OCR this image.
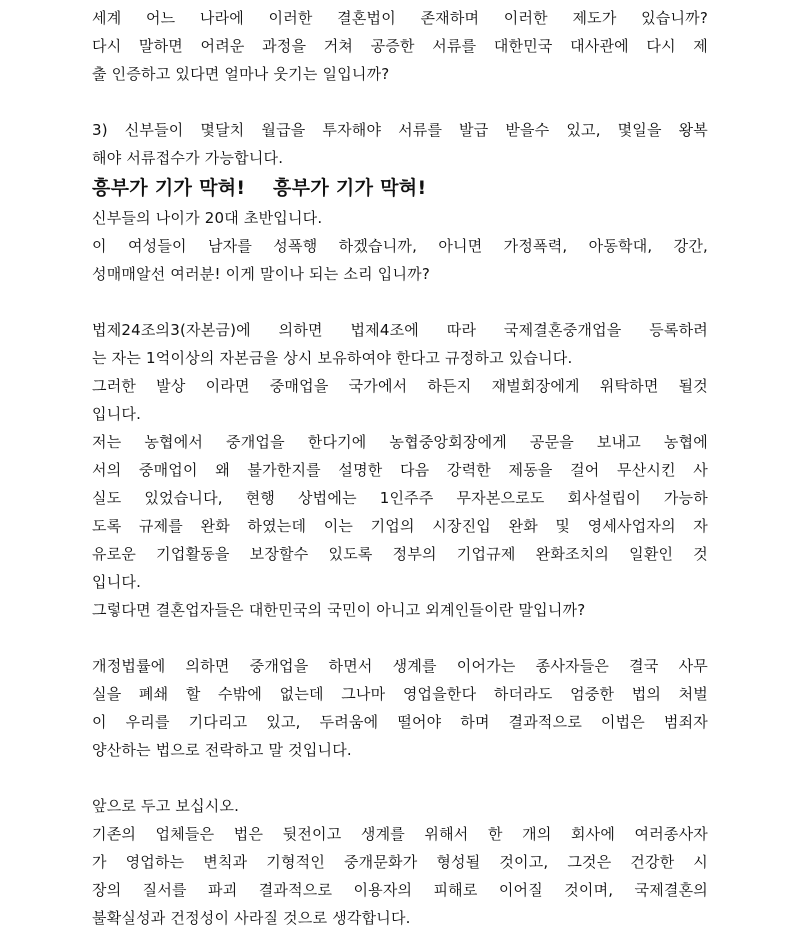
세계 어느 나라에 이러한 결혼법이 존재하며 이러한 제도가 있습니까?
다시 말하면 어려운 과정을 거쳐 공증한 서류를 대한민국 대사관에 다시 제
출 인증하고 있다면 얼마나 웃기는 일입니까?
3) 신부들이 몇달치 월급을 투자해야 서류를 발급 받을수 있고, 몇일을 왕복
해야 서류접수가 가능합니다.
흥부가 기가 막혀!    흥부가 기가 막혀!
신부들의 나이가 20대 초반입니다.
이 여성들이 남자를 성폭행 하겠습니까, 아니면 가정폭력, 아동학대, 강간,
성매매알선 여러분! 이게 말이나 되는 소리 입니까?
법제24조의3(자본금)에 의하면 법제4조에 따라 국제결혼중개업을 등록하려
는 자는 1억이상의 자본금을 상시 보유하여야 한다고 규정하고 있습니다.
그러한 발상 이라면 중매업을 국가에서 하든지 재벌회장에게 위탁하면 될것
입니다.
저는 농협에서 중개업을 한다기에 농협중앙회장에게 공문을 보내고 농협에
서의 중매업이 왜 불가한지를 설명한 다음 강력한 제동을 걸어 무산시킨 사
실도 있었습니다, 현행 상법에는 1인주주 무자본으로도 회사설립이 가능하
도록 규제를 완화 하였는데 이는 기업의 시장진입 완화 및 영세사업자의 자
유로운 기업활동을 보장할수 있도록 정부의 기업규제 완화조치의 일환인 것
입니다.
그렇다면 결혼업자들은 대한민국의 국민이 아니고 외계인들이란 말입니까?
개정법률에 의하면 중개업을 하면서 생계를 이어가는 종사자들은 결국 사무
실을 폐쇄 할 수밖에 없는데 그나마 영업을한다 하더라도 엄중한 법의 처벌
이 우리를 기다리고 있고, 두려움에 떨어야 하며 결과적으로 이법은 범죄자
양산하는 법으로 전락하고 말 것입니다.
앞으로 두고 보십시오.
기존의 업체들은 법은 뒷전이고 생계를 위해서 한 개의 회사에 여러종사자
가 영업하는 변칙과 기형적인 중개문화가 형성될 것이고, 그것은 건강한 시
장의 질서를 파괴 결과적으로 이용자의 피해로 이어질 것이며, 국제결혼의
불확실성과 건정성이 사라질 것으로 생각합니다.
